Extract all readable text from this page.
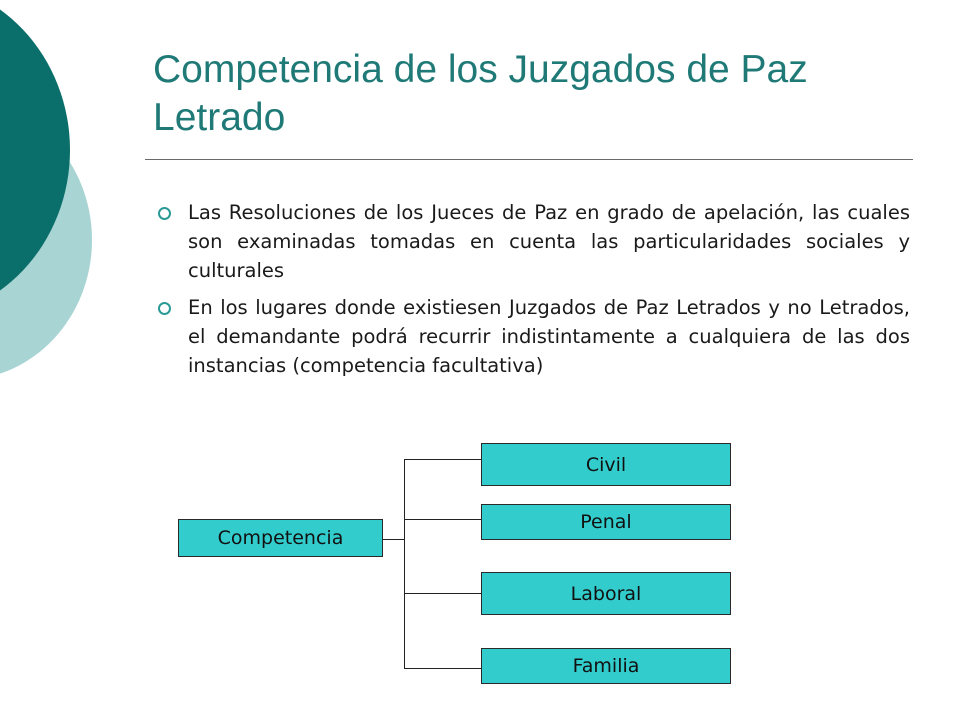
Competencia de los Juzgados de Paz Letrado
Las Resoluciones de los Jueces de Paz en grado de apelación, las cuales son examinadas tomadas en cuenta las particularidades sociales y culturales
En los lugares donde existiesen Juzgados de Paz Letrados y no Letrados, el demandante podrá recurrir indistintamente a cualquiera de las dos instancias (competencia facultativa)
Competencia
Civil
Penal
Laboral
Familia
